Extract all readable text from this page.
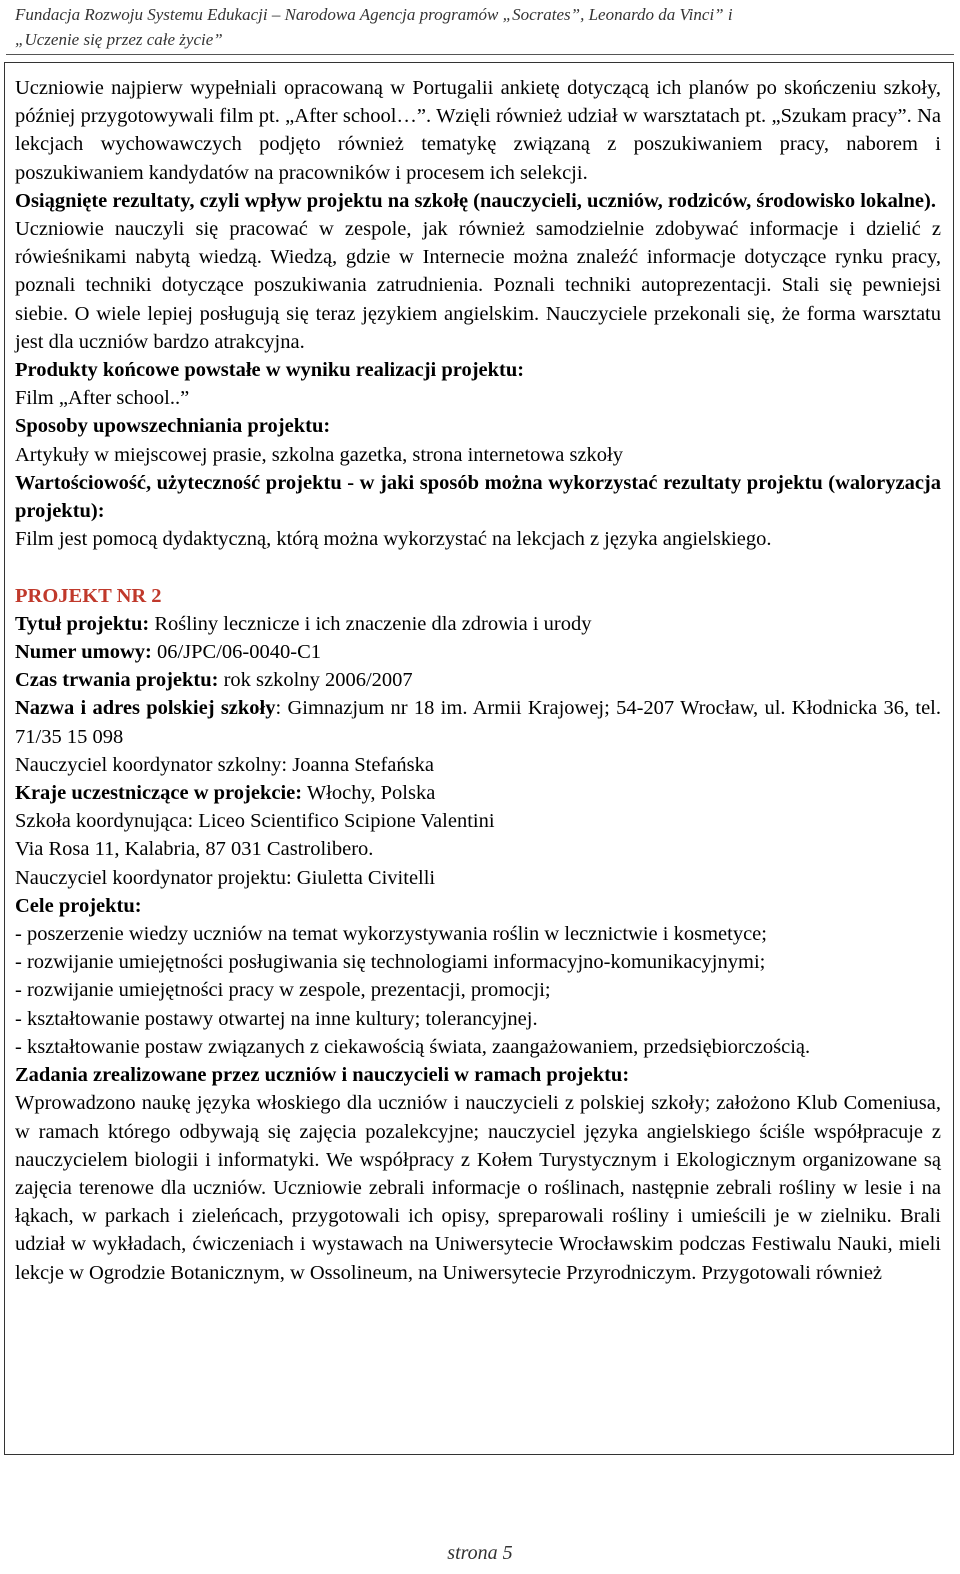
Fundacja Rozwoju Systemu Edukacji – Narodowa Agencja programów „Socrates”, Leonardo da Vinci” i
„Uczenie się przez całe życie”

Uczniowie najpierw wypełniali opracowaną w Portugalii ankietę dotyczącą ich planów po skończeniu szkoły, później przygotowywali film pt. „After school…”. Wzięli również udział w warsztatach pt. „Szukam pracy”. Na lekcjach wychowawczych podjęto również tematykę związaną z poszukiwaniem pracy, naborem i poszukiwaniem kandydatów na pracowników i procesem ich selekcji.

Osiągnięte rezultaty, czyli wpływ projektu na szkołę (nauczycieli, uczniów, rodziców, środowisko lokalne).

Uczniowie nauczyli się pracować w zespole, jak również samodzielnie zdobywać informacje i dzielić z rówieśnikami nabytą wiedzą. Wiedzą, gdzie w Internecie można znaleźć informacje dotyczące rynku pracy, poznali techniki dotyczące poszukiwania zatrudnienia. Poznali techniki autoprezentacji. Stali się pewniejsi siebie. O wiele lepiej posługują się teraz językiem angielskim. Nauczyciele przekonali się, że forma warsztatu jest dla uczniów bardzo atrakcyjna.

Produkty końcowe powstałe w wyniku realizacji projektu:

Film „After school..”

Sposoby upowszechniania projektu:

Artykuły w miejscowej prasie, szkolna gazetka, strona internetowa szkoły

Wartościowość, użyteczność projektu - w jaki sposób można wykorzystać rezultaty projektu (waloryzacja projektu):

Film jest pomocą dydaktyczną, którą można wykorzystać na lekcjach z języka angielskiego.

PROJEKT NR 2

Tytuł projektu: Rośliny lecznicze i ich znaczenie dla zdrowia i urody

Numer umowy: 06/JPC/06-0040-C1

Czas trwania projektu: rok szkolny 2006/2007

Nazwa i adres polskiej szkoły: Gimnazjum nr 18 im. Armii Krajowej; 54-207 Wrocław, ul. Kłodnicka 36, tel. 71/35 15 098

Nauczyciel koordynator szkolny: Joanna Stefańska

Kraje uczestniczące w projekcie: Włochy, Polska

Szkoła koordynująca: Liceo Scientifico Scipione Valentini

Via Rosa 11, Kalabria, 87 031 Castrolibero.

Nauczyciel koordynator projektu: Giuletta Civitelli

Cele projektu:

- poszerzenie wiedzy uczniów na temat wykorzystywania roślin w lecznictwie i kosmetyce;

- rozwijanie umiejętności posługiwania się technologiami informacyjno-komunikacyjnymi;

- rozwijanie umiejętności pracy w zespole, prezentacji, promocji;

- kształtowanie postawy otwartej na inne kultury; tolerancyjnej.

- kształtowanie postaw związanych z ciekawością świata, zaangażowaniem, przedsiębiorczością.

Zadania zrealizowane przez uczniów i nauczycieli w ramach projektu:

Wprowadzono naukę języka włoskiego dla uczniów i nauczycieli z polskiej szkoły; założono Klub Comeniusa, w ramach którego odbywają się zajęcia pozalekcyjne; nauczyciel języka angielskiego ściśle współpracuje z nauczycielem biologii i informatyki. We współpracy z Kołem Turystycznym i Ekologicznym organizowane są zajęcia terenowe dla uczniów. Uczniowie zebrali informacje o roślinach, następnie zebrali rośliny w lesie i na łąkach, w parkach i zieleńcach, przygotowali ich opisy, spreparowali rośliny i umieścili je w zielniku. Brali udział w wykładach, ćwiczeniach i wystawach na Uniwersytecie Wrocławskim podczas Festiwalu Nauki, mieli lekcje w Ogrodzie Botanicznym, w Ossolineum, na Uniwersytecie Przyrodniczym. Przygotowali również

strona 5
